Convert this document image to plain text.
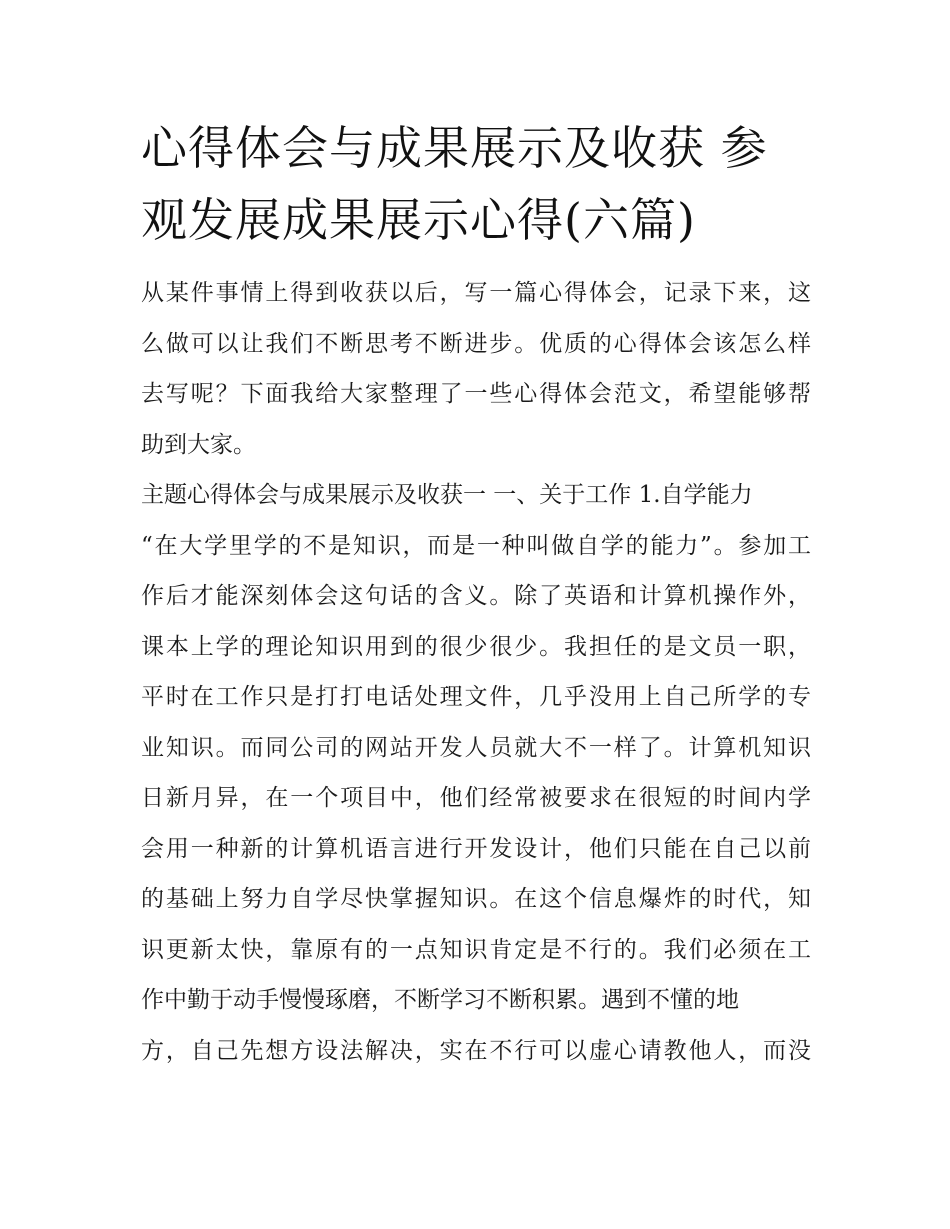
心得体会与成果展示及收获 参
观发展成果展示心得(六篇)

从某件事情上得到收获以后，写一篇心得体会，记录下来，这
么做可以让我们不断思考不断进步。优质的心得体会该怎么样
去写呢？下面我给大家整理了一些心得体会范文，希望能够帮
助到大家。

主题心得体会与成果展示及收获一 一、关于工作 1.自学能力
“在大学里学的不是知识，而是一种叫做自学的能力”。参加工
作后才能深刻体会这句话的含义。除了英语和计算机操作外，
课本上学的理论知识用到的很少很少。我担任的是文员一职，
平时在工作只是打打电话处理文件，几乎没用上自己所学的专
业知识。而同公司的网站开发人员就大不一样了。计算机知识
日新月异，在一个项目中，他们经常被要求在很短的时间内学
会用一种新的计算机语言进行开发设计，他们只能在自己以前
的基础上努力自学尽快掌握知识。在这个信息爆炸的时代，知
识更新太快，靠原有的一点知识肯定是不行的。我们必须在工
作中勤于动手慢慢琢磨，不断学习不断积累。遇到不懂的地
方，自己先想方设法解决，实在不行可以虚心请教他人，而没
